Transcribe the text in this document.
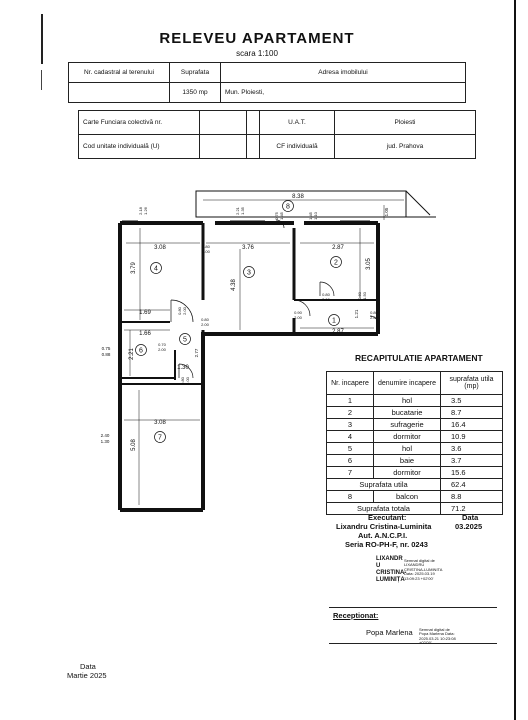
RELEVEU APARTAMENT
scara 1:100
Nr. cadastral al terenului	Suprafata	Adresa imobilului
	1350 mp	Mun. Ploiesti,
Carte Funciara colectivă nr.			U.A.T.	Ploiesti
Cod unitate individuală (U)			CF individuală	jud. Prahova
1
2
3
4
5
6
7
8
8.38
3.08	3.76	2.87
2.87
1.69
1.66
1.30
3.08
0.75
0.88
2.40
1.30
3.79
4.38
3.05
1.21
2.21	2.77
5.08
1.05
2.18 1.26	2.21 1.35
0.75 1.45	1.45 1.10
0.80
2.00
0.80 2.00	0.90
2.00
0.80
2.00
0.70
2.00
0.80 2.00
0.80
2.00
0.60 1.50
0.80
2.00
RECAPITULATIE APARTAMENT
Nr. incapere	denumire incapere	suprafata utila (mp)
1	hol	3.5
2	bucatarie	8.7
3	sufragerie	16.4
4	dormitor	10.9
5	hol	3.6
6	baie	3.7
7	dormitor	15.6
Suprafata utila		62.4
8	balcon	8.8
Suprafata totala		71.2
Executant:	Data
Lixandru Cristina-Luminita	03.2025
Aut. A.N.C.P.I.
Seria RO-PH-F, nr. 0243
LIXANDR
U
CRISTINA-
LUMINIȚA
Semnat digital de LIXANDRU CRISTINA-LUMINITA Data: 2025.03.19 13:09:23 +02'00'
Receptionat:
Popa Marlena Semnat digital de Popa Marlena Data: 2025.03.21 10:23:08
Data
Martie 2025
